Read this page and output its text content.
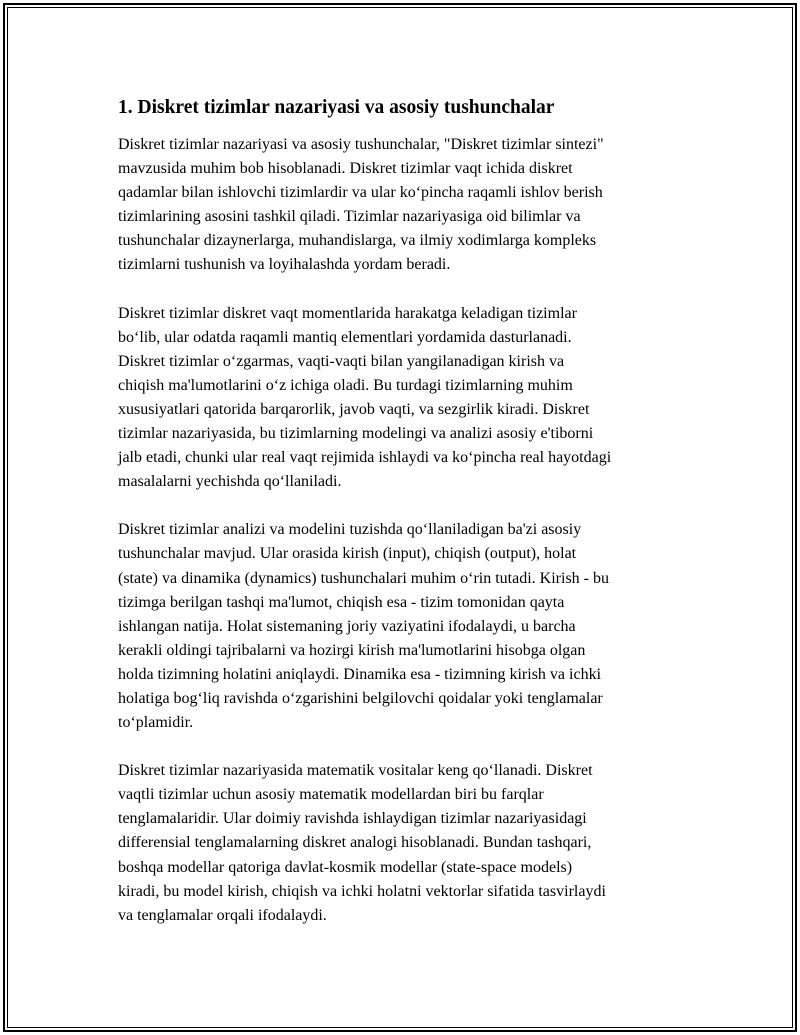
1. Diskret tizimlar nazariyasi va asosiy tushunchalar

Diskret tizimlar nazariyasi va asosiy tushunchalar, "Diskret tizimlar sintezi"
mavzusida muhim bob hisoblanadi. Diskret tizimlar vaqt ichida diskret
qadamlar bilan ishlovchi tizimlardir va ular ko‘pincha raqamli ishlov berish
tizimlarining asosini tashkil qiladi. Tizimlar nazariyasiga oid bilimlar va
tushunchalar dizaynerlarga, muhandislarga, va ilmiy xodimlarga kompleks
tizimlarni tushunish va loyihalashda yordam beradi.

Diskret tizimlar diskret vaqt momentlarida harakatga keladigan tizimlar
bo‘lib, ular odatda raqamli mantiq elementlari yordamida dasturlanadi.
Diskret tizimlar o‘zgarmas, vaqti-vaqti bilan yangilanadigan kirish va
chiqish ma'lumotlarini o‘z ichiga oladi. Bu turdagi tizimlarning muhim
xususiyatlari qatorida barqarorlik, javob vaqti, va sezgirlik kiradi. Diskret
tizimlar nazariyasida, bu tizimlarning modelingi va analizi asosiy e'tiborni
jalb etadi, chunki ular real vaqt rejimida ishlaydi va ko‘pincha real hayotdagi
masalalarni yechishda qo‘llaniladi.

Diskret tizimlar analizi va modelini tuzishda qo‘llaniladigan ba'zi asosiy
tushunchalar mavjud. Ular orasida kirish (input), chiqish (output), holat
(state) va dinamika (dynamics) tushunchalari muhim o‘rin tutadi. Kirish - bu
tizimga berilgan tashqi ma'lumot, chiqish esa - tizim tomonidan qayta
ishlangan natija. Holat sistemaning joriy vaziyatini ifodalaydi, u barcha
kerakli oldingi tajribalarni va hozirgi kirish ma'lumotlarini hisobga olgan
holda tizimning holatini aniqlaydi. Dinamika esa - tizimning kirish va ichki
holatiga bog‘liq ravishda o‘zgarishini belgilovchi qoidalar yoki tenglamalar
to‘plamidir.

Diskret tizimlar nazariyasida matematik vositalar keng qo‘llanadi. Diskret
vaqtli tizimlar uchun asosiy matematik modellardan biri bu farqlar
tenglamalaridir. Ular doimiy ravishda ishlaydigan tizimlar nazariyasidagi
differensial tenglamalarning diskret analogi hisoblanadi. Bundan tashqari,
boshqa modellar qatoriga davlat-kosmik modellar (state-space models)
kiradi, bu model kirish, chiqish va ichki holatni vektorlar sifatida tasvirlaydi
va tenglamalar orqali ifodalaydi.
